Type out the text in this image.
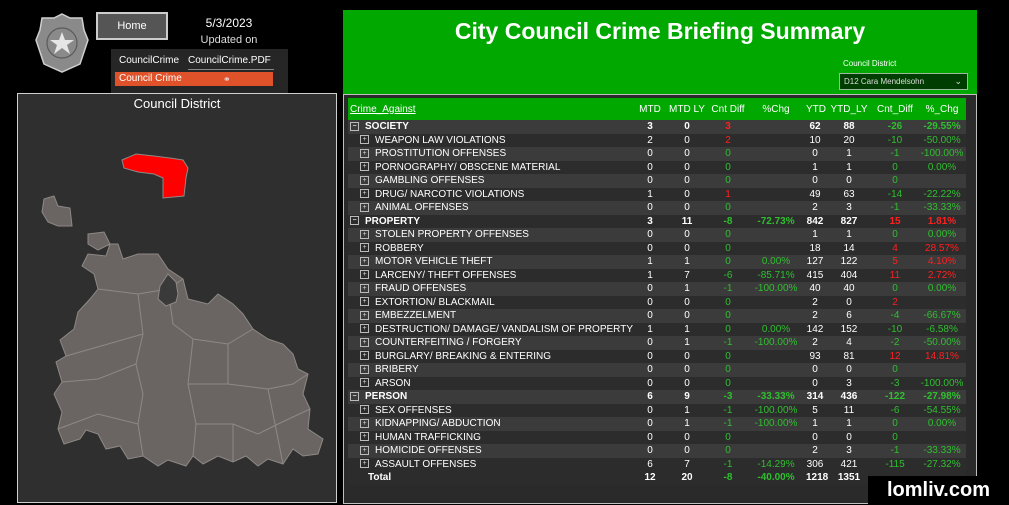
Home	5/3/2023
Updated on
CouncilCrime CouncilCrime.PDF
Council Crime	⚭
Council District
City Council Crime Briefing Summary
Council District
D12 Cara Mendelsohn	⌄
Crime_Against	MTD	MTD LY	Cnt Diff	%Chg	YTD	YTD_LY	Cnt_Diff	%_Chg
− SOCIETY	3	0	3		62	88	-26	-29.55%
+ WEAPON LAW VIOLATIONS	2	0	2		10	20	-10	-50.00%
+ PROSTITUTION OFFENSES	0	0	0		0	1	-1	-100.00%
+ PORNOGRAPHY/ OBSCENE MATERIAL	0	0	0		1	1	0	0.00%
+ GAMBLING OFFENSES	0	0	0		0	0	0	
+ DRUG/ NARCOTIC VIOLATIONS	1	0	1		49	63	-14	-22.22%
+ ANIMAL OFFENSES	0	0	0		2	3	-1	-33.33%
− PROPERTY	3	11	-8	-72.73%	842	827	15	1.81%
+ STOLEN PROPERTY OFFENSES	0	0	0		1	1	0	0.00%
+ ROBBERY	0	0	0		18	14	4	28.57%
+ MOTOR VEHICLE THEFT	1	1	0	0.00%	127	122	5	4.10%
+ LARCENY/ THEFT OFFENSES	1	7	-6	-85.71%	415	404	11	2.72%
+ FRAUD OFFENSES	0	1	-1	-100.00%	40	40	0	0.00%
+ EXTORTION/ BLACKMAIL	0	0	0		2	0	2	
+ EMBEZZELMENT	0	0	0		2	6	-4	-66.67%
+ DESTRUCTION/ DAMAGE/ VANDALISM OF PROPERTY	1	1	0	0.00%	142	152	-10	-6.58%
+ COUNTERFEITING / FORGERY	0	1	-1	-100.00%	2	4	-2	-50.00%
+ BURGLARY/ BREAKING & ENTERING	0	0	0		93	81	12	14.81%
+ BRIBERY	0	0	0		0	0	0	
+ ARSON	0	0	0		0	3	-3	-100.00%
− PERSON	6	9	-3	-33.33%	314	436	-122	-27.98%
+ SEX OFFENSES	0	1	-1	-100.00%	5	11	-6	-54.55%
+ KIDNAPPING/ ABDUCTION	0	1	-1	-100.00%	1	1	0	0.00%
+ HUMAN TRAFFICKING	0	0	0		0	0	0	
+ HOMICIDE OFFENSES	0	0	0		2	3	-1	-33.33%
+ ASSAULT OFFENSES	6	7	-1	-14.29%	306	421	-115	-27.32%
Total	12	20	-8	-40.00%	1218	1351		
lomliv.com
